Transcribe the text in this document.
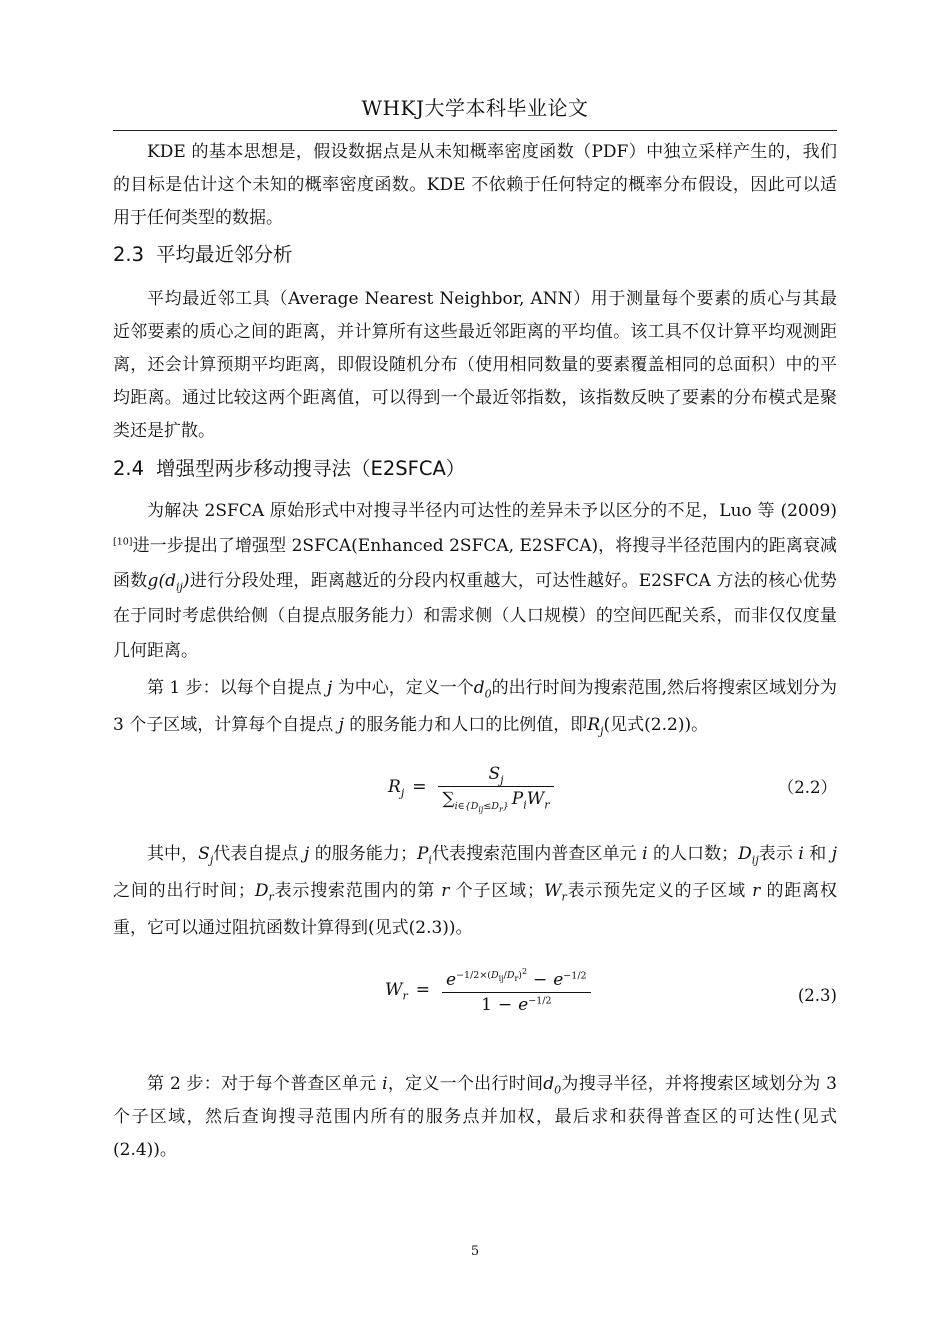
WHKJ大学本科毕业论文

KDE 的基本思想是，假设数据点是从未知概率密度函数（PDF）中独立采样产生的，我们的目标是估计这个未知的概率密度函数。KDE 不依赖于任何特定的概率分布假设，因此可以适用于任何类型的数据。

2.3 平均最近邻分析

平均最近邻工具（Average Nearest Neighbor, ANN）用于测量每个要素的质心与其最近邻要素的质心之间的距离，并计算所有这些最近邻距离的平均值。该工具不仅计算平均观测距离，还会计算预期平均距离，即假设随机分布（使用相同数量的要素覆盖相同的总面积）中的平均距离。通过比较这两个距离值，可以得到一个最近邻指数，该指数反映了要素的分布模式是聚类还是扩散。

2.4 增强型两步移动搜寻法（E2SFCA）

为解决 2SFCA 原始形式中对搜寻半径内可达性的差异未予以区分的不足，Luo 等 (2009)[10]进一步提出了增强型 2SFCA(Enhanced 2SFCA, E2SFCA)，将搜寻半径范围内的距离衰减函数$g(d_{ij})$进行分段处理，距离越近的分段内权重越大，可达性越好。E2SFCA 方法的核心优势在于同时考虑供给侧（自提点服务能力）和需求侧（人口规模）的空间匹配关系，而非仅仅度量几何距离。

第 1 步：以每个自提点 j 为中心，定义一个$d_0$的出行时间为搜索范围,然后将搜索区域划分为 3 个子区域，计算每个自提点 j 的服务能力和人口的比例值，即$R_j$(见式(2.2))。

$R_j = \frac{S_j}{\sum_{i\in\{D_{ij}\le D_r\}} P_iW_r}$	（2.2）

其中，$S_j$代表自提点 j 的服务能力；$P_i$代表搜索范围内普查区单元 i 的人口数；$D_{ij}$表示 i 和 j 之间的出行时间；$D_r$表示搜索范围内的第 r 个子区域；$W_r$表示预先定义的子区域 r 的距离权重，它可以通过阻抗函数计算得到(见式(2.3))。

$W_r = \frac{e^{-1/2\times(D_{ij}/D_r)^2} - e^{-1/2}}{1 - e^{-1/2}}$	(2.3)

第 2 步：对于每个普查区单元 i，定义一个出行时间$d_0$为搜寻半径，并将搜索区域划分为 3 个子区域，然后查询搜寻范围内所有的服务点并加权，最后求和获得普查区的可达性(见式(2.4))。

5
